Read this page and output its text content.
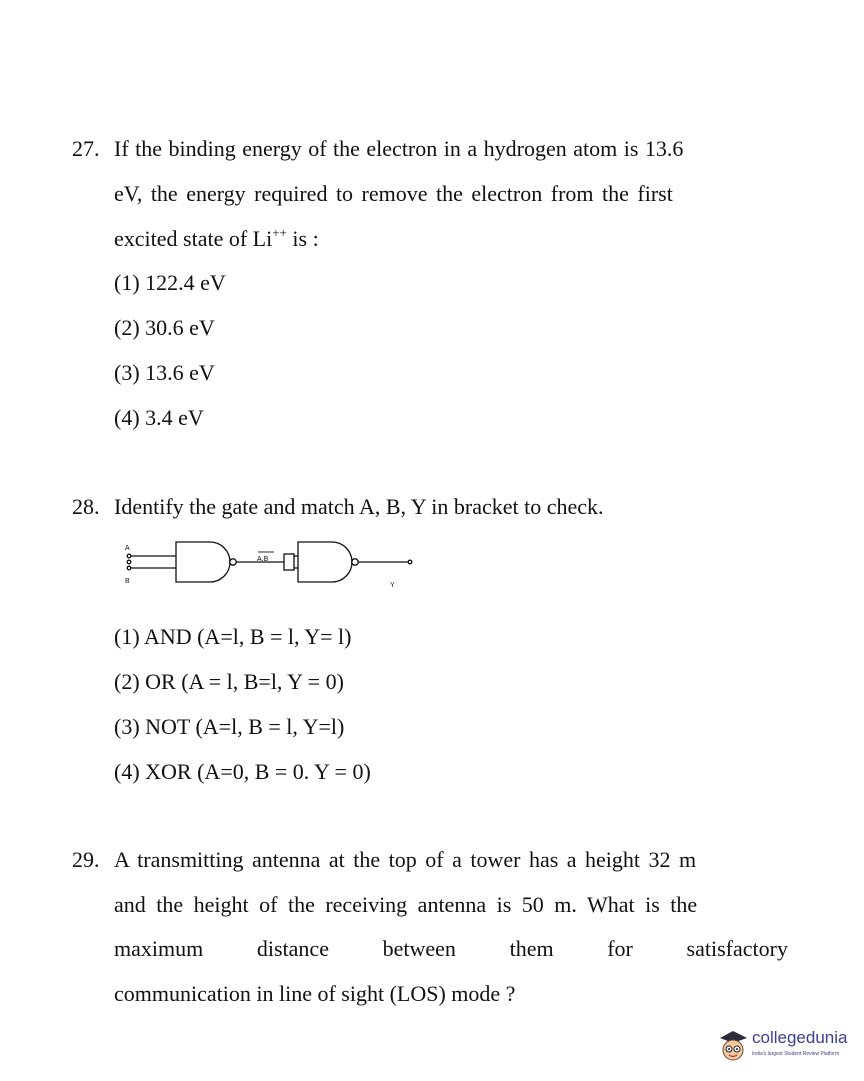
27. If the binding energy of the electron in a hydrogen atom is 13.6
eV, the energy required to remove the electron from the first
excited state of Li++ is :
(1) 122.4 eV
(2) 30.6 eV
(3) 13.6 eV
(4) 3.4 eV
28. Identify the gate and match A, B, Y in bracket to check.
(1) AND (A=l, B = l, Y= l)
(2) OR (A = l, B=l, Y = 0)
(3) NOT (A=l, B = l, Y=l)
(4) XOR (A=0, B = 0. Y = 0)
A
B
A.B
Y
29. A transmitting antenna at the top of a tower has a height 32 m
and the height of the receiving antenna is 50 m. What is the
maximum distance between them for satisfactory
communication in line of sight (LOS) mode ?
collegedunia
India's largest Student Review Platform
